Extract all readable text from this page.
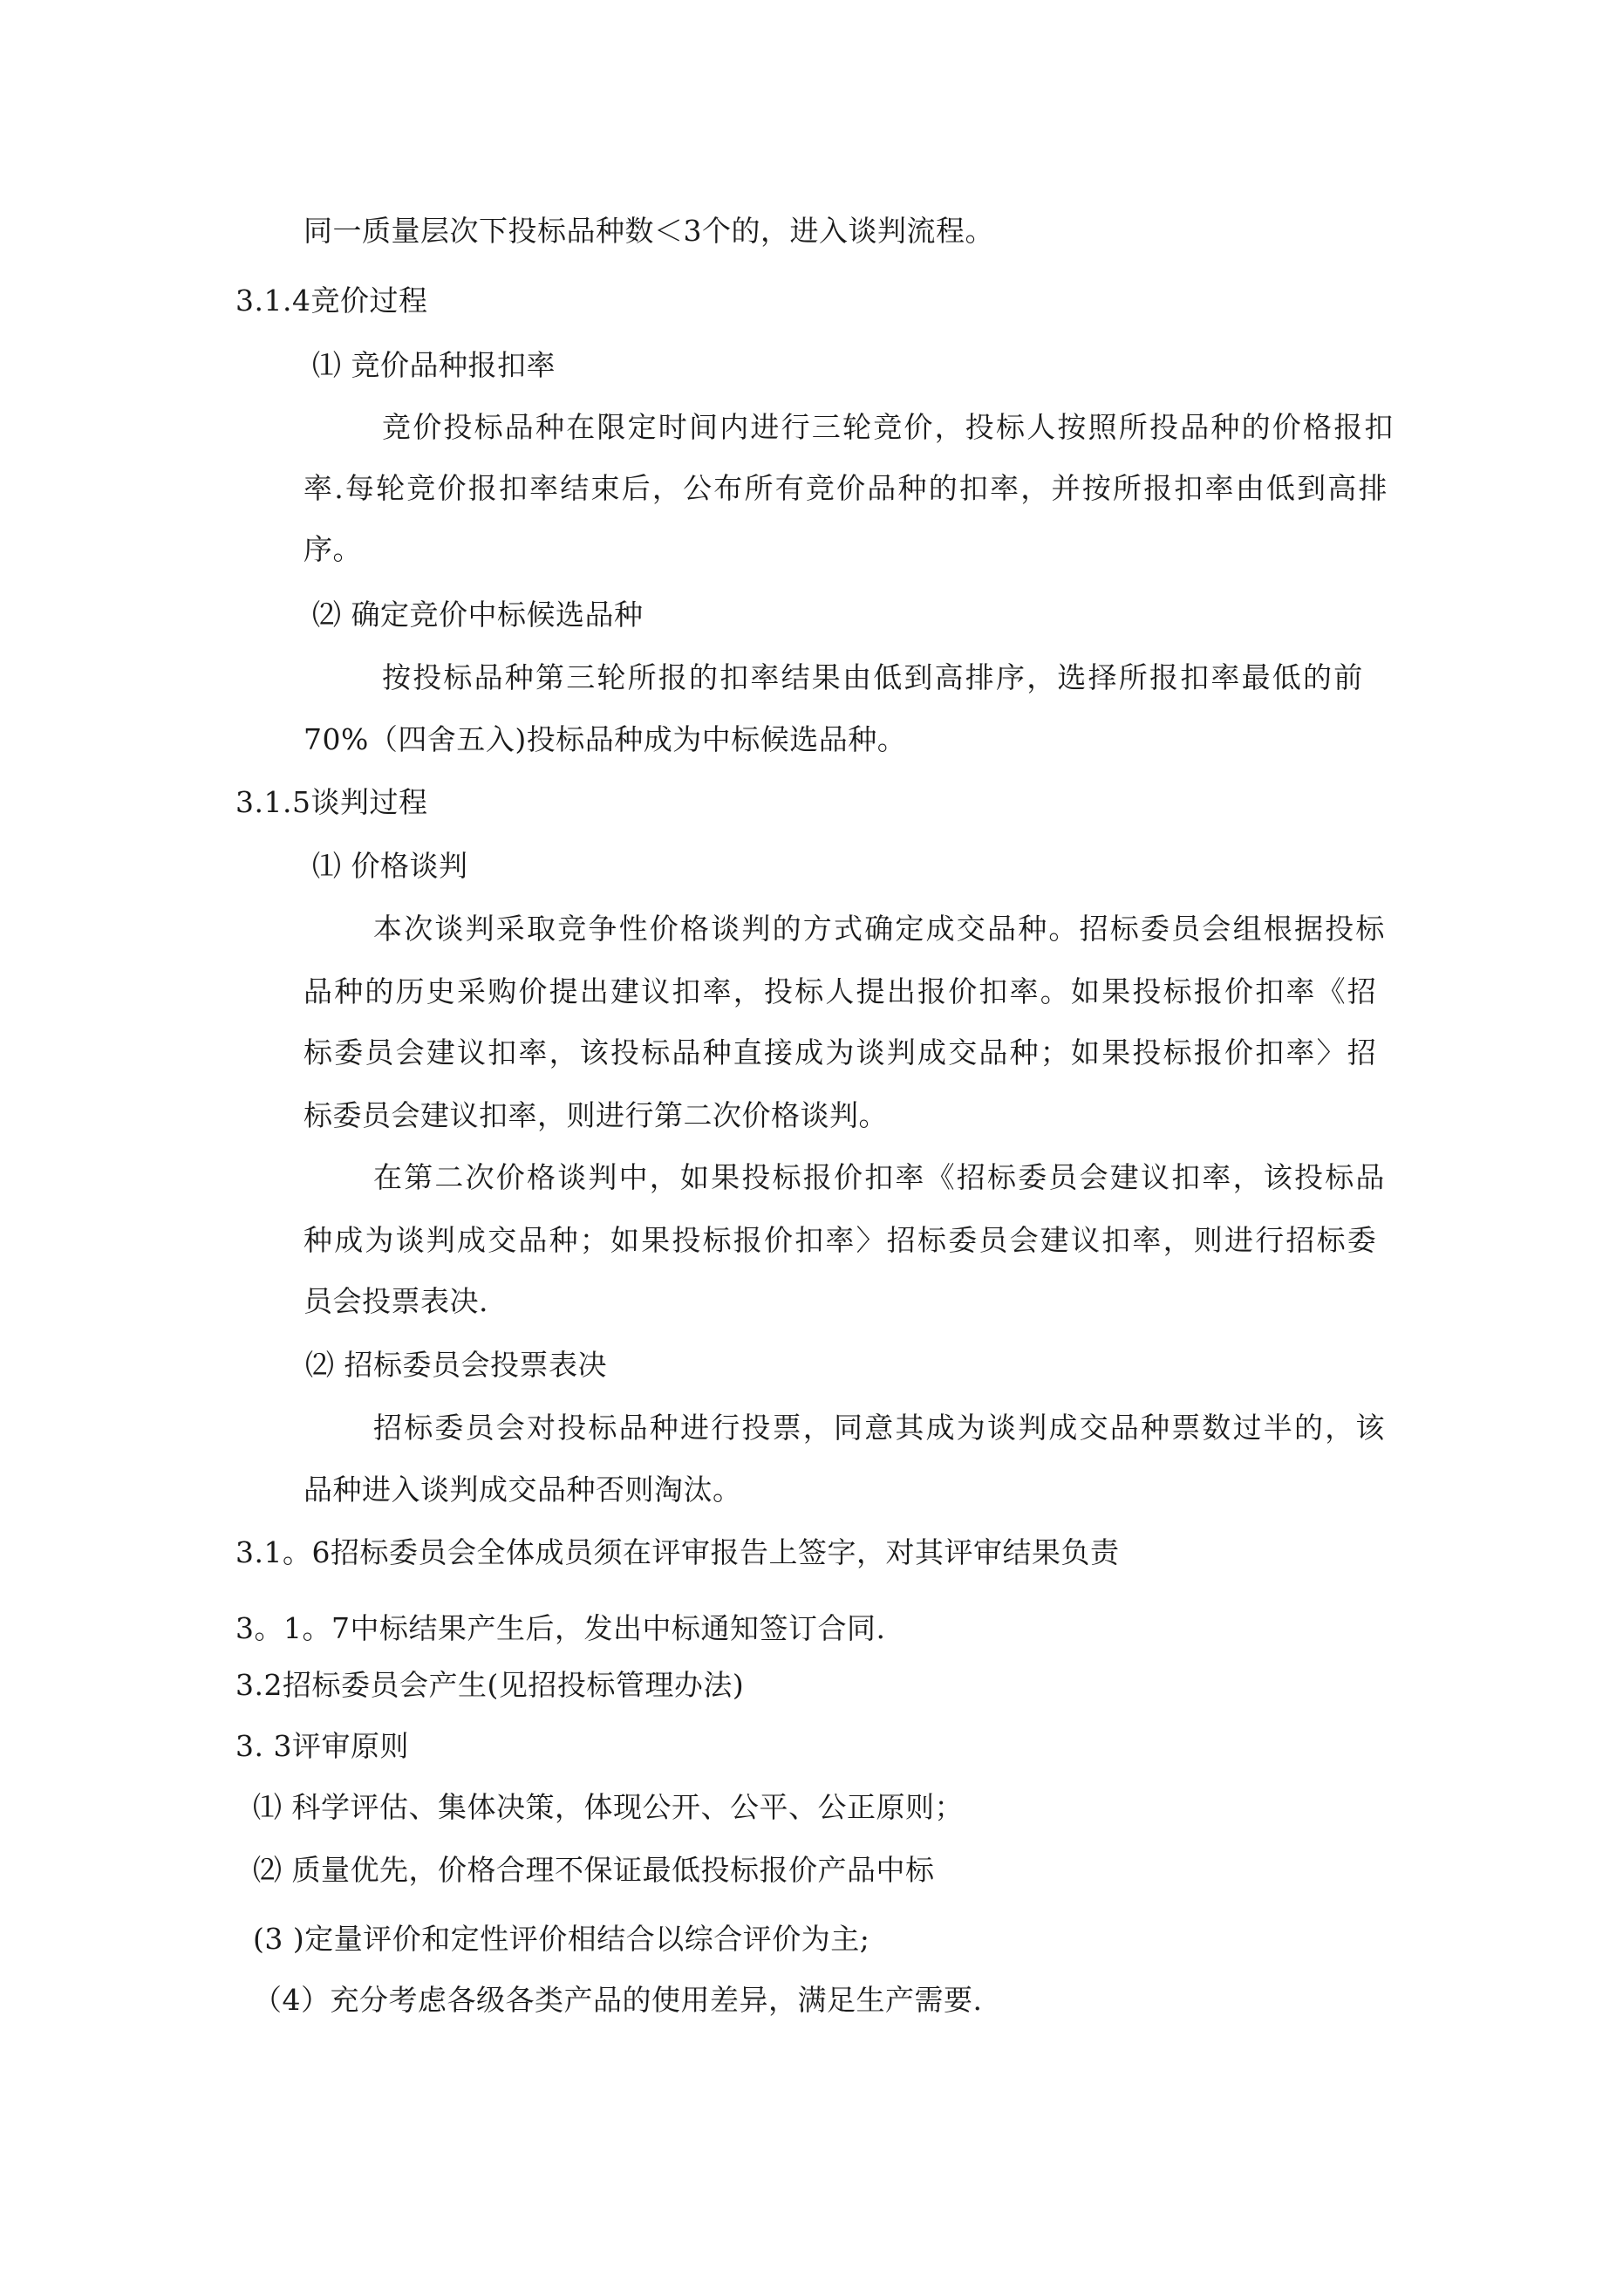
同一质量层次下投标品种数＜3个的，进入谈判流程。
3.1.4竞价过程
⑴ 竞价品种报扣率
竞价投标品种在限定时间内进行三轮竞价，投标人按照所投品种的价格报扣
率.每轮竞价报扣率结束后，公布所有竞价品种的扣率，并按所报扣率由低到高排
序。
⑵ 确定竞价中标候选品种
按投标品种第三轮所报的扣率结果由低到高排序，选择所报扣率最低的前
70%（四舍五入)投标品种成为中标候选品种。
3.1.5谈判过程
⑴ 价格谈判
本次谈判采取竞争性价格谈判的方式确定成交品种。招标委员会组根据投标
品种的历史采购价提出建议扣率，投标人提出报价扣率。如果投标报价扣率《招
标委员会建议扣率，该投标品种直接成为谈判成交品种；如果投标报价扣率〉招
标委员会建议扣率，则进行第二次价格谈判。
在第二次价格谈判中，如果投标报价扣率《招标委员会建议扣率，该投标品
种成为谈判成交品种；如果投标报价扣率〉招标委员会建议扣率，则进行招标委
员会投票表决.
⑵ 招标委员会投票表决
招标委员会对投标品种进行投票，同意其成为谈判成交品种票数过半的，该
品种进入谈判成交品种否则淘汰。
3.1。6招标委员会全体成员须在评审报告上签字，对其评审结果负责
3。1。7中标结果产生后，发出中标通知签订合同.
3.2招标委员会产生(见招投标管理办法)
3. 3评审原则
⑴ 科学评估、集体决策，体现公开、公平、公正原则；
⑵ 质量优先，价格合理不保证最低投标报价产品中标
(3 )定量评价和定性评价相结合以综合评价为主;
（4）充分考虑各级各类产品的使用差异，满足生产需要.
